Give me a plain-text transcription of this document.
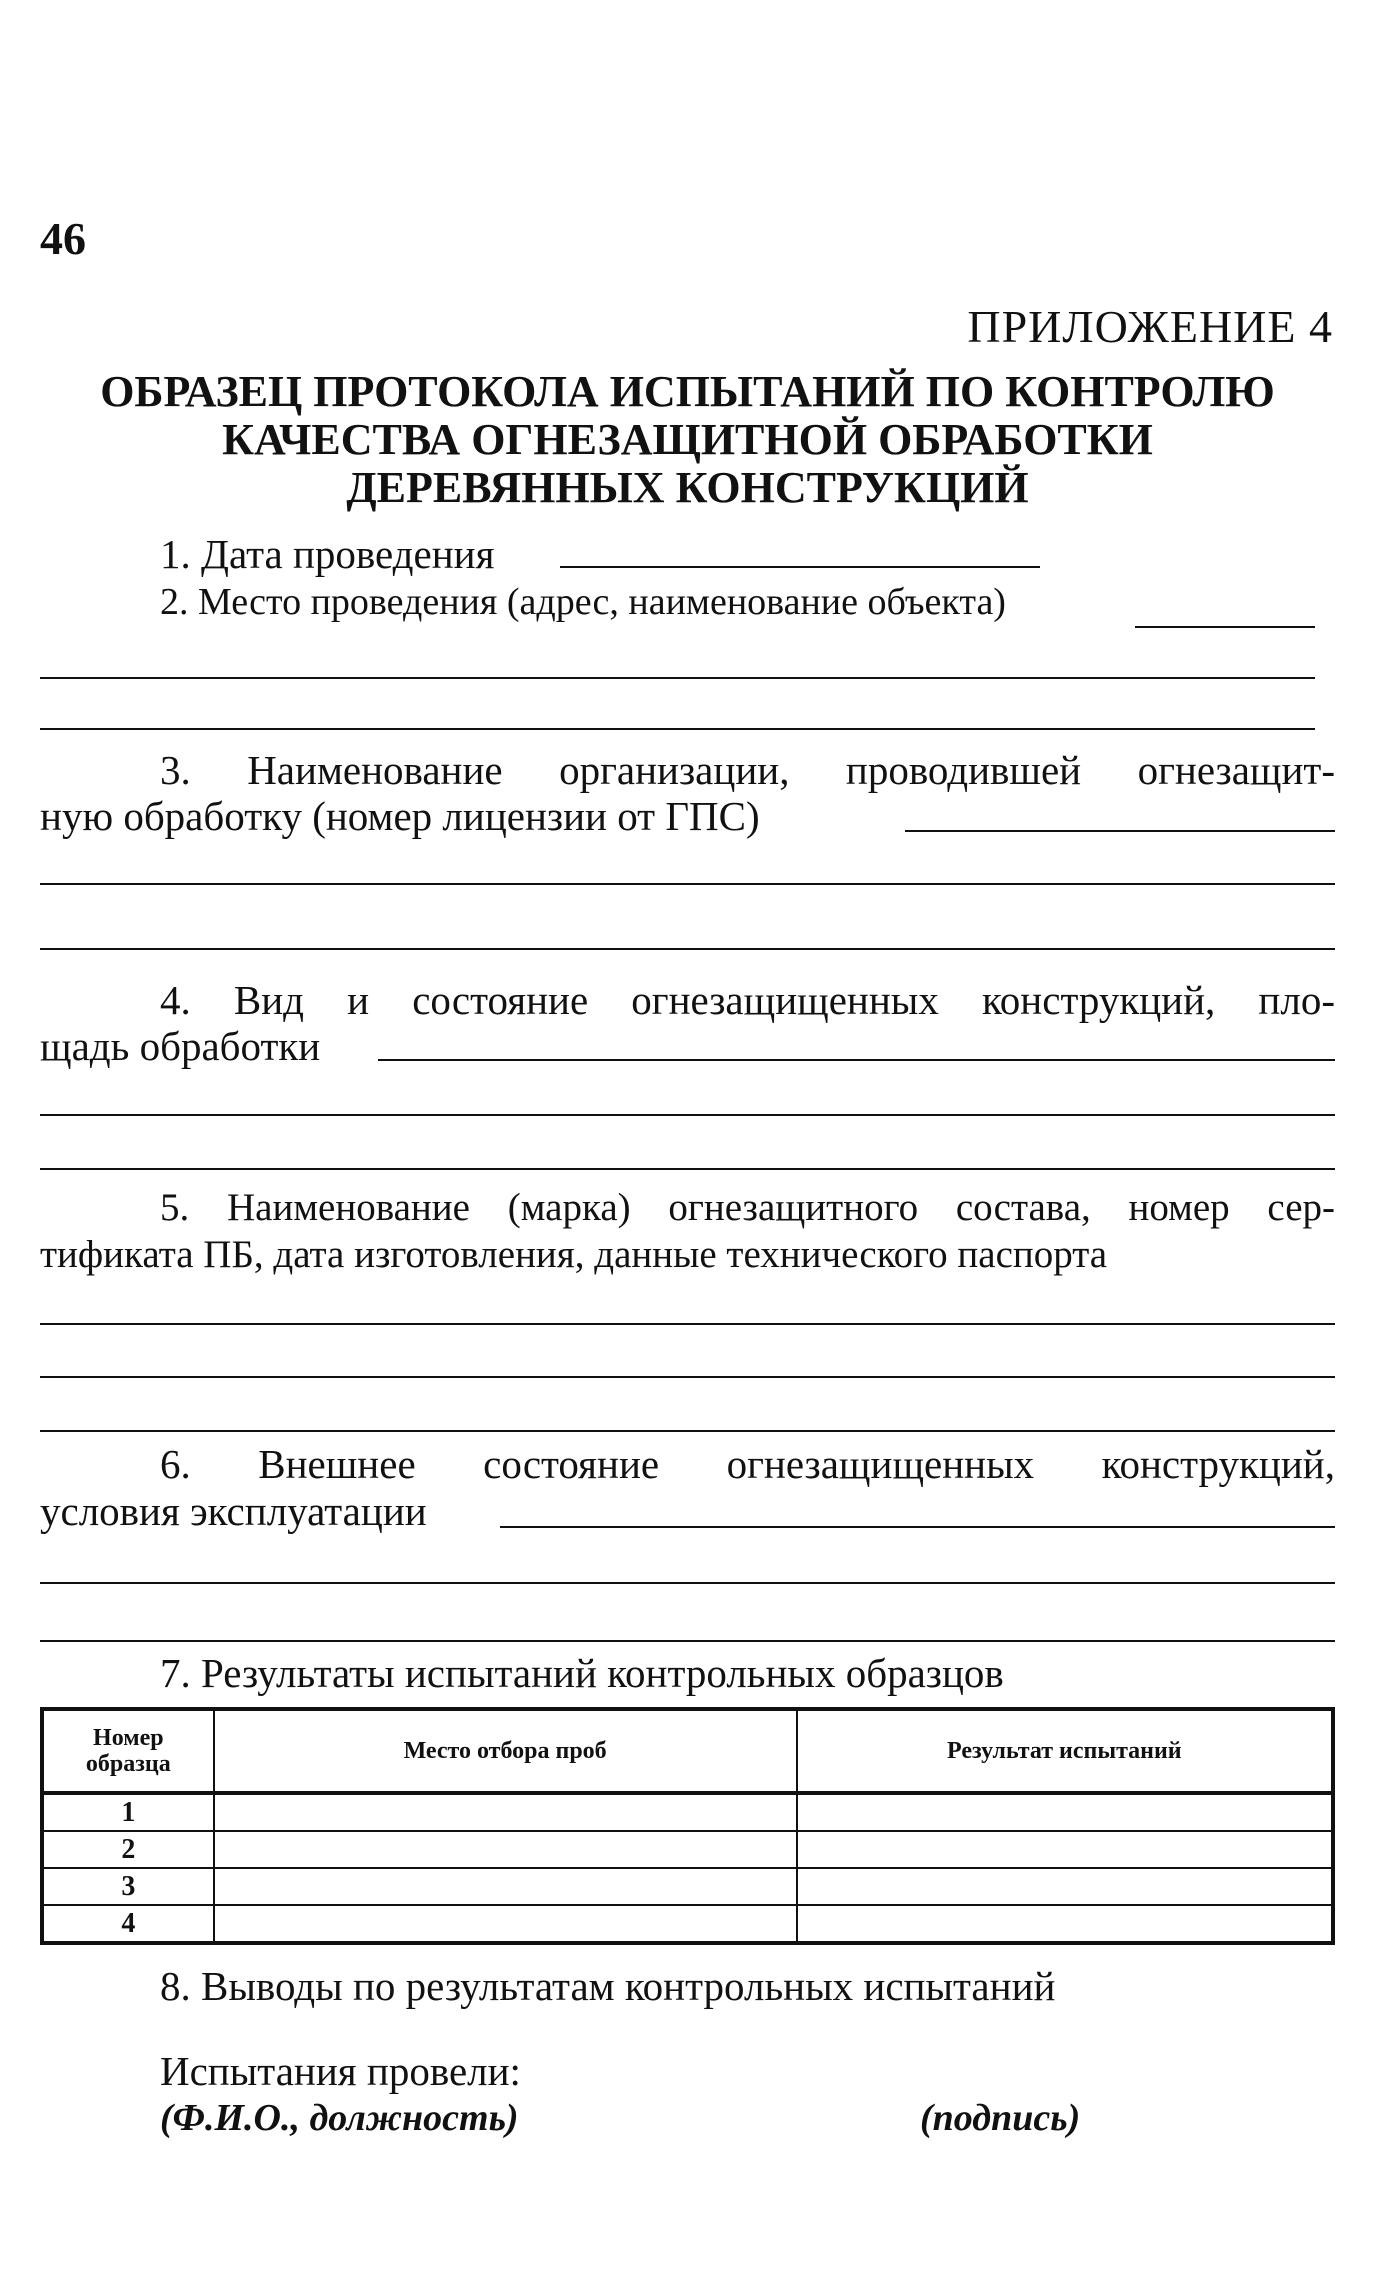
46
ПРИЛОЖЕНИЕ 4
ОБРАЗЕЦ ПРОТОКОЛА ИСПЫТАНИЙ ПО КОНТРОЛЮ
КАЧЕСТВА ОГНЕЗАЩИТНОЙ ОБРАБОТКИ
ДЕРЕВЯННЫХ КОНСТРУКЦИЙ
1. Дата проведения
2. Место проведения (адрес, наименование объекта)
3. Наименование организации, проводившей огнезащит-
ную обработку (номер лицензии от ГПС)
4. Вид и состояние огнезащищенных конструкций, пло-
щадь обработки
5. Наименование (марка) огнезащитного состава, номер сер-
тификата ПБ, дата изготовления, данные технического паспорта
6. Внешнее состояние огнезащищенных конструкций,
условия эксплуатации
7. Результаты испытаний контрольных образцов
Номер
образца	Место отбора проб	Результат испытаний
1		
2		
3		
4		
8. Выводы по результатам контрольных испытаний
Испытания провели:
(Ф.И.О., должность)	(подпись)
